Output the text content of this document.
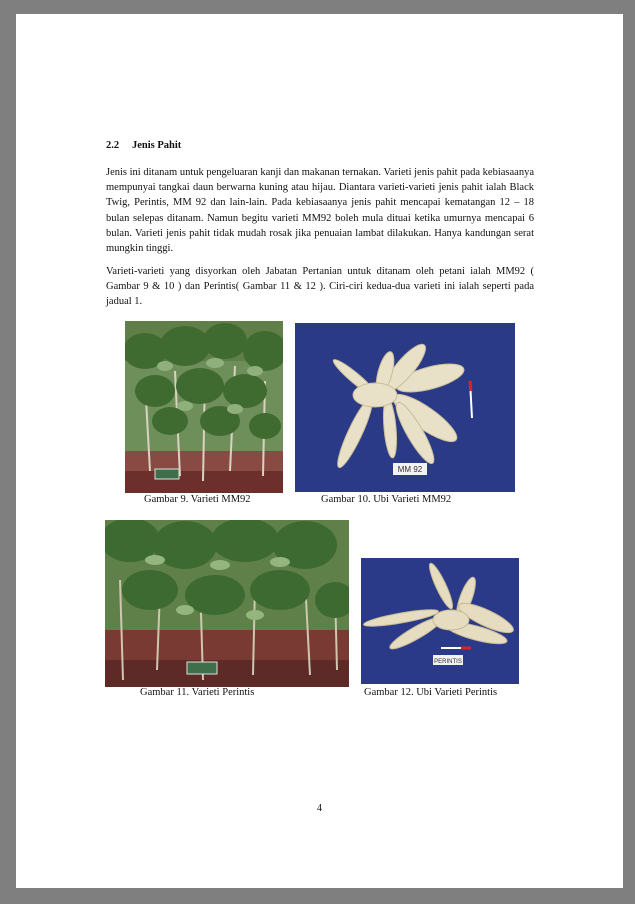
2.2 Jenis Pahit
Jenis ini ditanam untuk pengeluaran kanji dan makanan ternakan. Varieti jenis pahit pada kebiasaanya mempunyai tangkai daun berwarna kuning atau hijau. Diantara varieti-varieti jenis pahit ialah Black Twig, Perintis, MM 92 dan lain-lain. Pada kebiasaanya jenis pahit mencapai kematangan 12 – 18 bulan selepas ditanam. Namun begitu varieti MM92 boleh mula dituai ketika umurnya mencapai 6 bulan. Varieti jenis pahit tidak mudah rosak jika penuaian lambat dilakukan. Hanya kandungan serat mungkin tinggi.
Varieti-varieti yang disyorkan oleh Jabatan Pertanian untuk ditanam oleh petani ialah MM92 ( Gambar 9 & 10 ) dan Perintis( Gambar 11 & 12 ). Ciri-ciri kedua-dua varieti ini ialah seperti pada jadual 1.
Gambar 9. Varieti MM92
MM 92
Gambar 10. Ubi Varieti MM92
Gambar 11. Varieti Perintis
PERINTIS
Gambar 12. Ubi Varieti Perintis
4
